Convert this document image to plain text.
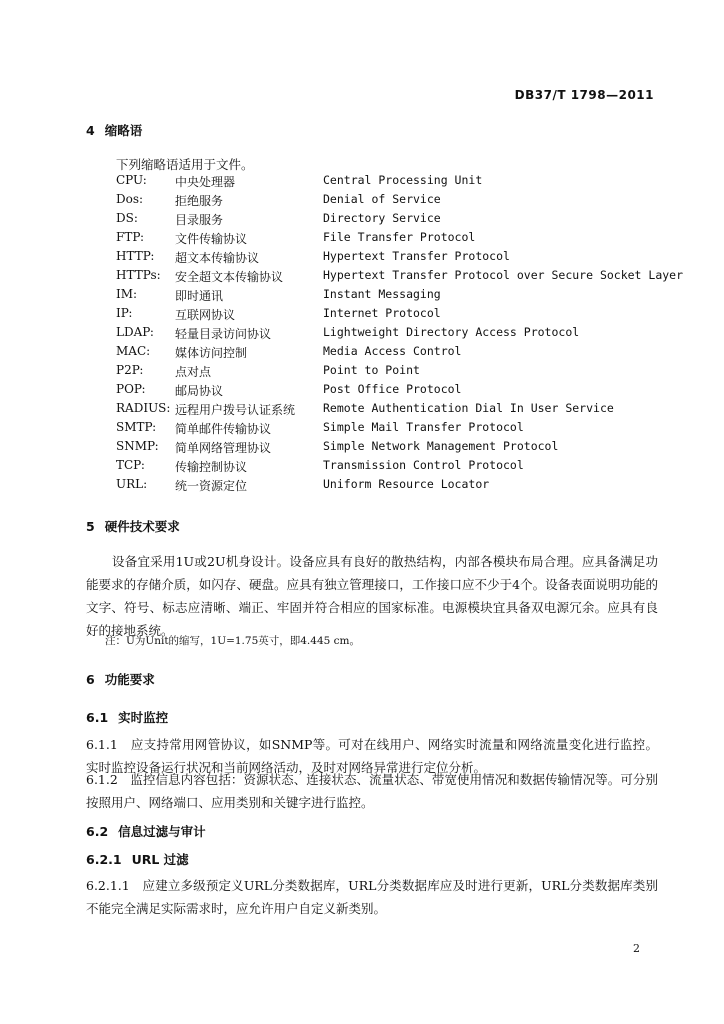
DB37/T 1798—2011
4 缩略语
下列缩略语适用于文件。
CPU: 中央处理器	Central Processing Unit
Dos:	拒绝服务	Denial of Service
DS:	目录服务	Directory Service
FTP:	文件传输协议	File Transfer Protocol
HTTP: 超文本传输协议	Hypertext Transfer Protocol
HTTPs: 安全超文本传输协议	Hypertext Transfer Protocol over Secure Socket Layer
IM:	即时通讯	Instant Messaging
IP:	互联网协议	Internet Protocol
LDAP: 轻量目录访问协议	Lightweight Directory Access Protocol
MAC: 媒体访问控制	Media Access Control
P2P:	点对点	Point to Point
POP: 邮局协议	Post Office Protocol
RADIUS: 远程用户拨号认证系统 Remote Authentication Dial In User Service
SMTP: 简单邮件传输协议	Simple Mail Transfer Protocol
SNMP: 简单网络管理协议	Simple Network Management Protocol
TCP:	传输控制协议	Transmission Control Protocol
URL: 统一资源定位	Uniform Resource Locator
5 硬件技术要求
设备宜采用1U或2U机身设计。设备应具有良好的散热结构，内部各模块布局合理。应具备满足功能要求的存储介质，如闪存、硬盘。应具有独立管理接口，工作接口应不少于4个。设备表面说明功能的文字、符号、标志应清晰、端正、牢固并符合相应的国家标准。电源模块宜具备双电源冗余。应具有良好的接地系统。
注：U为Unit的缩写，1U=1.75英寸，即4.445 cm。
6 功能要求
6.1 实时监控
6.1.1　应支持常用网管协议，如SNMP等。可对在线用户、网络实时流量和网络流量变化进行监控。实时监控设备运行状况和当前网络活动，及时对网络异常进行定位分析。
6.1.2　监控信息内容包括：资源状态、连接状态、流量状态、带宽使用情况和数据传输情况等。可分别按照用户、网络端口、应用类别和关键字进行监控。
6.2 信息过滤与审计
6.2.1 URL 过滤
6.2.1.1　应建立多级预定义URL分类数据库，URL分类数据库应及时进行更新，URL分类数据库类别不能完全满足实际需求时，应允许用户自定义新类别。
2
